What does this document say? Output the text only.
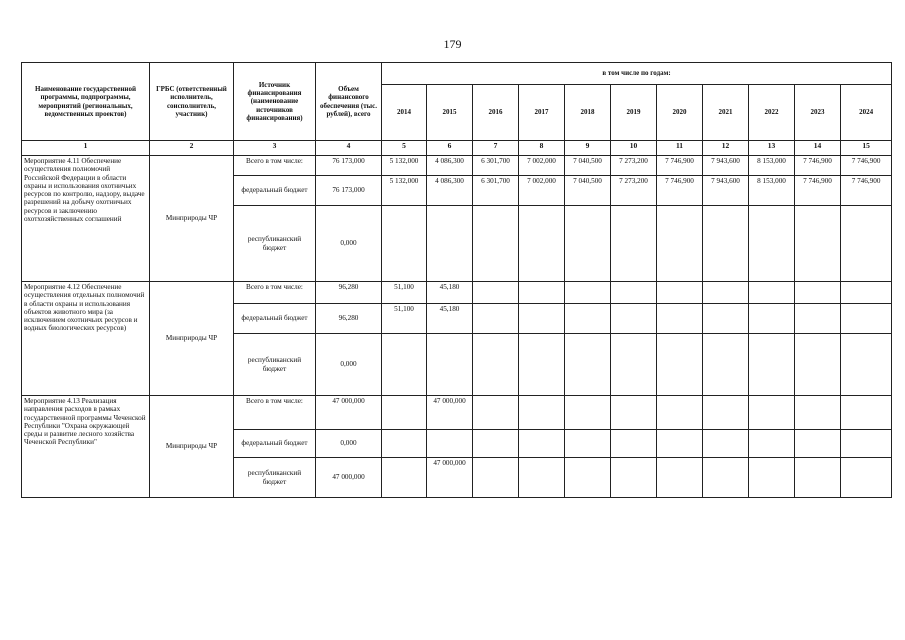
179
Наименование государственной программы, подпрограммы, мероприятий (региональных, ведомственных проектов)	ГРБС (ответственный исполнитель, соисполнитель, участник)	Источник финансирования (наименование источников финансирования)	Объем финансового обеспечения (тыс. рублей), всего	в том числе по годам:										
				2014	2015	2016	2017	2018	2019	2020	2021	2022	2023	2024
1	2	3	4	5	6	7	8	9	10	11	12	13	14	15
Мероприятие 4.11 Обеспечение осуществления полномочий Российской Федерации в области охраны и использования охотничьих ресурсов по контролю, надзору, выдаче разрешений на добычу охотничьих ресурсов и заключению охотхозяйственных соглашений	Минприроды ЧР	Всего в том числе:	76 173,000	5 132,000	4 086,300	6 301,700	7 002,000	7 040,500	7 273,200	7 746,900	7 943,600	8 153,000	7 746,900	7 746,900
		федеральный бюджет	76 173,000	5 132,000	4 086,300	6 301,700	7 002,000	7 040,500	7 273,200	7 746,900	7 943,600	8 153,000	7 746,900	7 746,900
		республиканский бюджет	0,000											
Мероприятие 4.12 Обеспечение осуществления отдельных полномочий в области охраны и использования объектов животного мира (за исключением охотничьих ресурсов и водных биологических ресурсов)	Минприроды ЧР	Всего в том числе:	96,280	51,100	45,180									
		федеральный бюджет	96,280	51,100	45,180									
		республиканский бюджет	0,000											
Мероприятие 4.13 Реализация направления расходов в рамках государственной программы Чеченской Республики "Охрана окружающей среды и развитие лесного хозяйства Чеченской Республики"	Минприроды ЧР	Всего в том числе:	47 000,000		47 000,000									
		федеральный бюджет	0,000											
		республиканский бюджет	47 000,000		47 000,000									
